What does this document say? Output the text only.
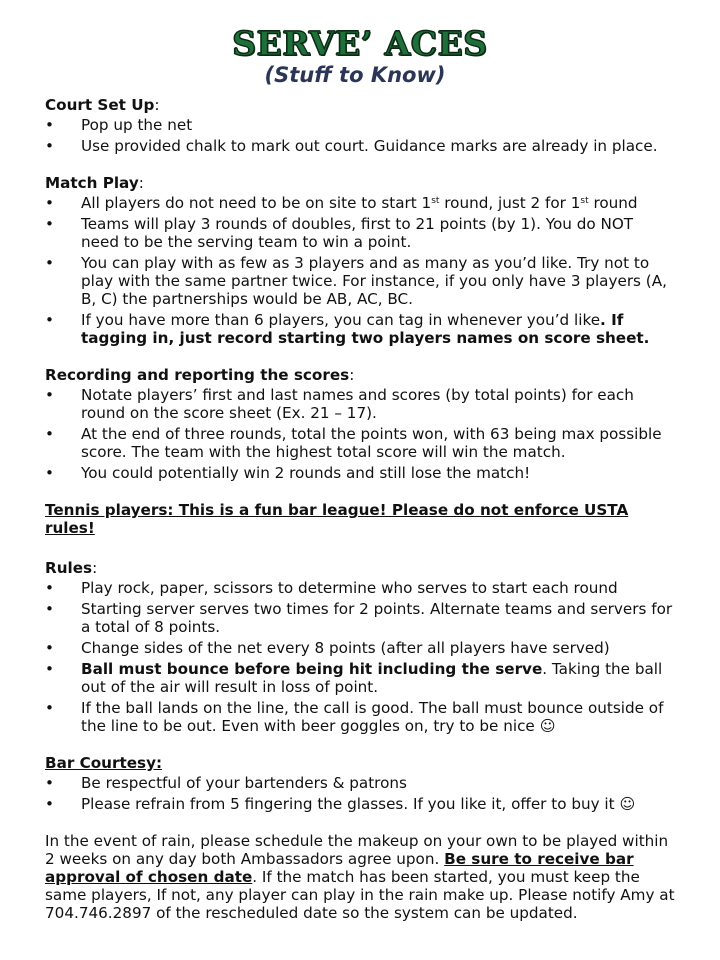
SERVE’ ACES
(Stuff to Know)

Court Set Up:

• Pop up the net
• Use provided chalk to mark out court. Guidance marks are already in place.

Match Play:

• All players do not need to be on site to start 1st round, just 2 for 1st round
• Teams will play 3 rounds of doubles, first to 21 points (by 1). You do NOT need to be the serving team to win a point.
• You can play with as few as 3 players and as many as you’d like. Try not to play with the same partner twice. For instance, if you only have 3 players (A, B, C) the partnerships would be AB, AC, BC.
• If you have more than 6 players, you can tag in whenever you’d like. If tagging in, just record starting two players names on score sheet.

Recording and reporting the scores:

• Notate players’ first and last names and scores (by total points) for each round on the score sheet (Ex. 21 – 17).
• At the end of three rounds, total the points won, with 63 being max possible score. The team with the highest total score will win the match.
• You could potentially win 2 rounds and still lose the match!

Tennis players: This is a fun bar league! Please do not enforce USTA rules!

Rules:

• Play rock, paper, scissors to determine who serves to start each round
• Starting server serves two times for 2 points. Alternate teams and servers for a total of 8 points.
• Change sides of the net every 8 points (after all players have served)
• Ball must bounce before being hit including the serve. Taking the ball out of the air will result in loss of point.
• If the ball lands on the line, the call is good. The ball must bounce outside of the line to be out. Even with beer goggles on, try to be nice ☺

Bar Courtesy:

• Be respectful of your bartenders & patrons
• Please refrain from 5 fingering the glasses. If you like it, offer to buy it ☺

In the event of rain, please schedule the makeup on your own to be played within 2 weeks on any day both Ambassadors agree upon. Be sure to receive bar approval of chosen date. If the match has been started, you must keep the same players, If not, any player can play in the rain make up. Please notify Amy at 704.746.2897 of the rescheduled date so the system can be updated.
